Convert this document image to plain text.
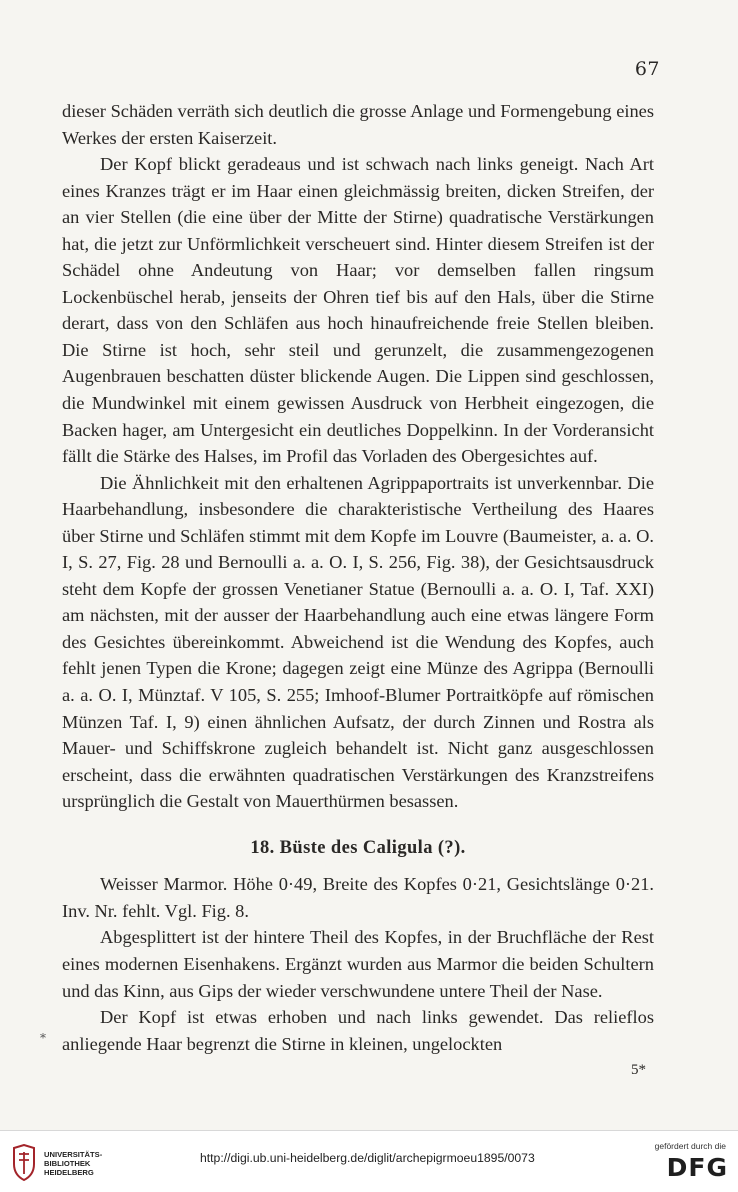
67

dieser Schäden verräth sich deutlich die grosse Anlage und Formengebung eines Werkes der ersten Kaiserzeit.

Der Kopf blickt geradeaus und ist schwach nach links geneigt. Nach Art eines Kranzes trägt er im Haar einen gleichmässig breiten, dicken Streifen, der an vier Stellen (die eine über der Mitte der Stirne) quadratische Verstärkungen hat, die jetzt zur Unförmlichkeit verscheuert sind. Hinter diesem Streifen ist der Schädel ohne Andeutung von Haar; vor demselben fallen ringsum Lockenbüschel herab, jenseits der Ohren tief bis auf den Hals, über die Stirne derart, dass von den Schläfen aus hoch hinaufreichende freie Stellen bleiben. Die Stirne ist hoch, sehr steil und gerunzelt, die zusammengezogenen Augenbrauen beschatten düster blickende Augen. Die Lippen sind geschlossen, die Mundwinkel mit einem gewissen Ausdruck von Herbheit eingezogen, die Backen hager, am Untergesicht ein deutliches Doppelkinn. In der Vorderansicht fällt die Stärke des Halses, im Profil das Vorladen des Obergesichtes auf.

Die Ähnlichkeit mit den erhaltenen Agrippaportraits ist unverkennbar. Die Haarbehandlung, insbesondere die charakteristische Vertheilung des Haares über Stirne und Schläfen stimmt mit dem Kopfe im Louvre (Baumeister, a. a. O. I, S. 27, Fig. 28 und Bernoulli a. a. O. I, S. 256, Fig. 38), der Gesichtsausdruck steht dem Kopfe der grossen Venetianer Statue (Bernoulli a. a. O. I, Taf. XXI) am nächsten, mit der ausser der Haarbehandlung auch eine etwas längere Form des Gesichtes übereinkommt. Abweichend ist die Wendung des Kopfes, auch fehlt jenen Typen die Krone; dagegen zeigt eine Münze des Agrippa (Bernoulli a. a. O. I, Münztaf. V 105, S. 255; Imhoof-Blumer Portraitköpfe auf römischen Münzen Taf. I, 9) einen ähnlichen Aufsatz, der durch Zinnen und Rostra als Mauer- und Schiffskrone zugleich behandelt ist. Nicht ganz ausgeschlossen erscheint, dass die erwähnten quadratischen Verstärkungen des Kranzstreifens ursprünglich die Gestalt von Mauerthürmen besassen.

18. Büste des Caligula (?).

Weisser Marmor. Höhe 0·49, Breite des Kopfes 0·21, Gesichtslänge 0·21. Inv. Nr. fehlt. Vgl. Fig. 8.

Abgesplittert ist der hintere Theil des Kopfes, in der Bruchfläche der Rest eines modernen Eisenhakens. Ergänzt wurden aus Marmor die beiden Schultern und das Kinn, aus Gips der wieder verschwundene untere Theil der Nase.

Der Kopf ist etwas erhoben und nach links gewendet. Das relieflos anliegende Haar begrenzt die Stirne in kleinen, ungelockten

*
5*
UNIVERSITÄTS-
BIBLIOTHEK
HEIDELBERG
http://digi.ub.uni-heidelberg.de/diglit/archepigrmoeu1895/0073
gefördert durch die
DFG
